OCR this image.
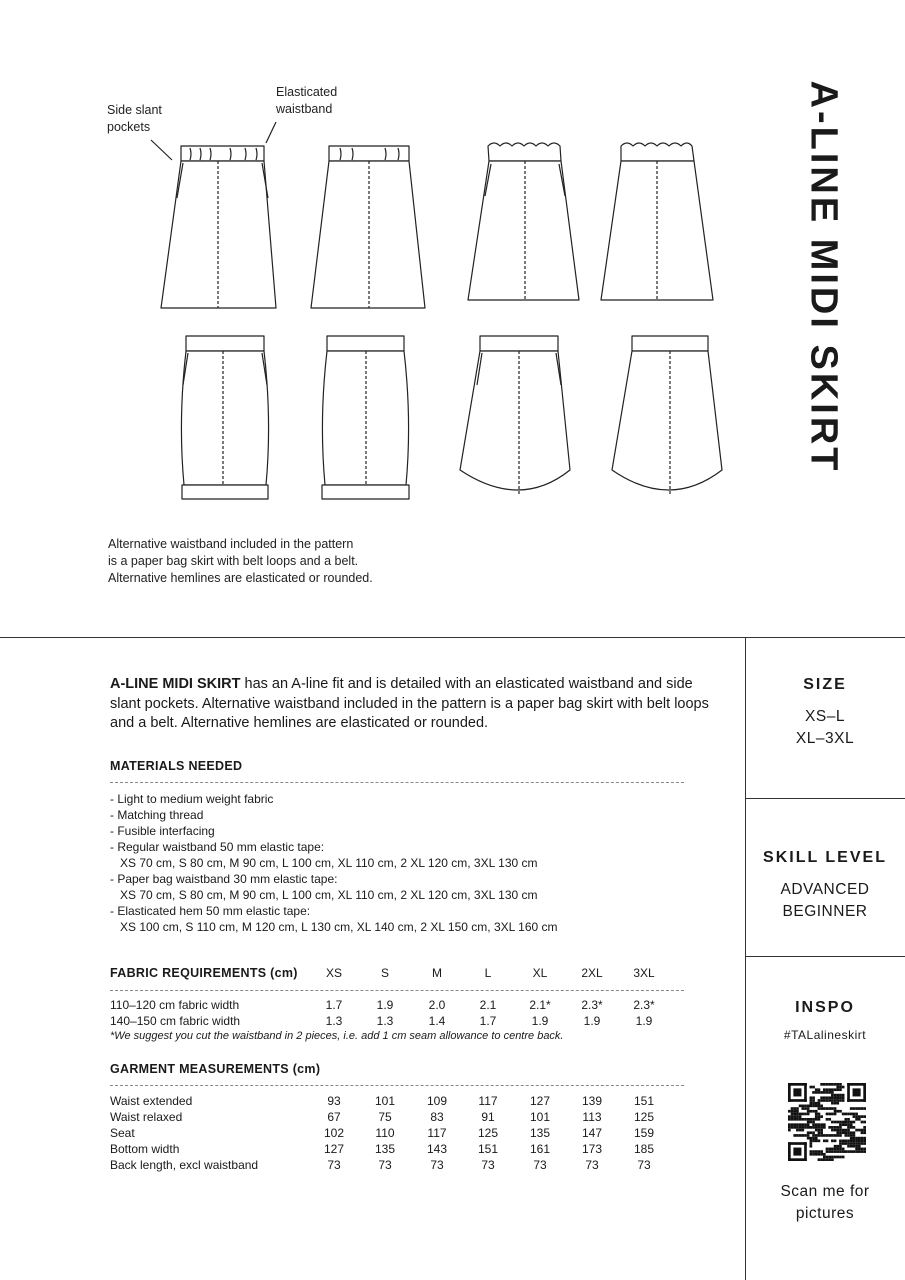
A-LINE MIDI SKIRT
Side slant
pockets
Elasticated
waistband
Alternative waistband included in the pattern
is a paper bag skirt with belt loops and a belt.
Alternative hemlines are elasticated or rounded.
A-LINE MIDI SKIRT has an A-line fit and is detailed with an elasticated waistband and side slant pockets. Alternative waistband included in the pattern is a paper bag skirt with belt loops and a belt. Alternative hemlines are elasticated or rounded.
MATERIALS NEEDED
- Light to medium weight fabric
- Matching thread
- Fusible interfacing
- Regular waistband 50 mm elastic tape:
XS 70 cm, S 80 cm, M 90 cm, L 100 cm, XL 110 cm, 2 XL 120 cm, 3XL 130 cm
- Paper bag waistband 30 mm elastic tape:
XS 70 cm, S 80 cm, M 90 cm, L 100 cm, XL 110 cm, 2 XL 120 cm, 3XL 130 cm
- Elasticated hem 50 mm elastic tape:
XS 100 cm, S 110 cm, M 120 cm, L 130 cm, XL 140 cm, 2 XL 150 cm, 3XL 160 cm
FABRIC REQUIREMENTS (cm)	XS	S	M	L	XL	2XL	3XL
110–120 cm fabric width	1.7	1.9	2.0	2.1	2.1*	2.3*	2.3*
140–150 cm fabric width	1.3	1.3	1.4	1.7	1.9	1.9	1.9
*We suggest you cut the waistband in 2 pieces, i.e. add 1 cm seam allowance to centre back.
GARMENT MEASUREMENTS (cm)
Waist extended	93	101	109	117	127	139	151
Waist relaxed	67	75	83	91	101	113	125
Seat	102	110	117	125	135	147	159
Bottom width	127	135	143	151	161	173	185
Back length, excl waistband	73	73	73	73	73	73	73
SIZE
XS–L
XL–3XL
SKILL LEVEL
ADVANCED
BEGINNER
INSPO
#TALalineskirt
Scan me for
pictures
